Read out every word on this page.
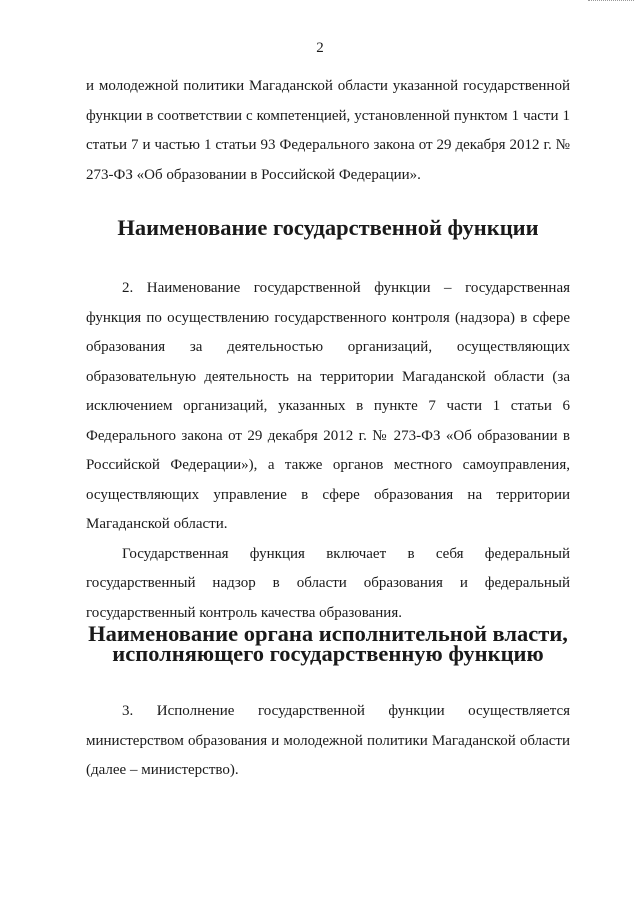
2

и молодежной политики Магаданской области указанной государственной функции в соответствии с компетенцией, установленной пунктом 1 части 1 статьи 7 и частью 1 статьи 93 Федерального закона от 29 декабря 2012 г. № 273-ФЗ «Об образовании в Российской Федерации».

Наименование государственной функции

2. Наименование государственной функции – государственная функция по осуществлению государственного контроля (надзора) в сфере образования за деятельностью организаций, осуществляющих образовательную деятельность на территории Магаданской области (за исключением организаций, указанных в пункте 7 части 1 статьи 6 Федерального закона от 29 декабря 2012 г. № 273-ФЗ «Об образовании в Российской Федерации»), а также органов местного самоуправления, осуществляющих управление в сфере образования на территории Магаданской области.

Государственная функция включает в себя федеральный государственный надзор в области образования и федеральный государственный контроль качества образования.

Наименование органа исполнительной власти,
исполняющего государственную функцию

3. Исполнение государственной функции осуществляется министерством образования и молодежной политики Магаданской области (далее – министерство).
